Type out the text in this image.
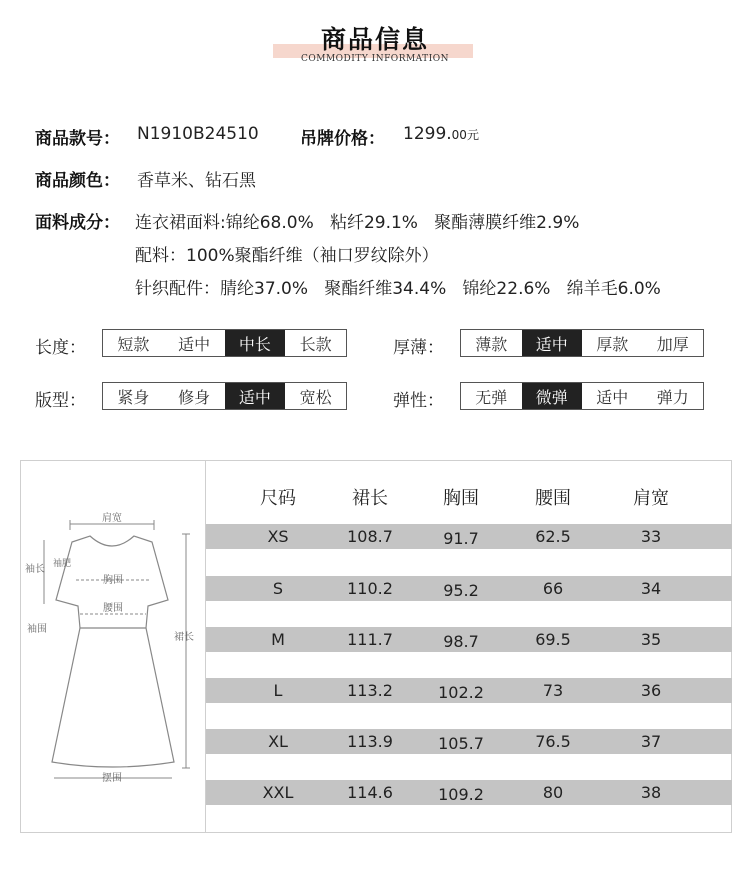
商品信息
COMMODITY INFORMATION
商品款号： N1910B24510 吊牌价格： 1299.00元
商品颜色： 香草米、钻石黑
面料成分： 连衣裙面料:锦纶68.0%   粘纤29.1%   聚酯薄膜纤维2.9%
配料：100%聚酯纤维（袖口罗纹除外）
针织配件：腈纶37.0%   聚酯纤维34.4%   锦纶22.6%   绵羊毛6.0%
长度：	短款	适中	中长	长款	厚薄：	薄款	适中	厚款	加厚
版型：	紧身	修身	适中	宽松	弹性：	无弹	微弹	适中	弹力
肩宽
袖长 袖肥
胸围
腰围
袖围
裙长
摆围
尺码	裙长	胸围	腰围	肩宽
XS	108.7	91.7	62.5	33
S	110.2	95.2	66	34
M	111.7	98.7	69.5	35
L	113.2	102.2	73	36
XL	113.9	105.7	76.5	37
XXL	114.6	109.2	80	38
